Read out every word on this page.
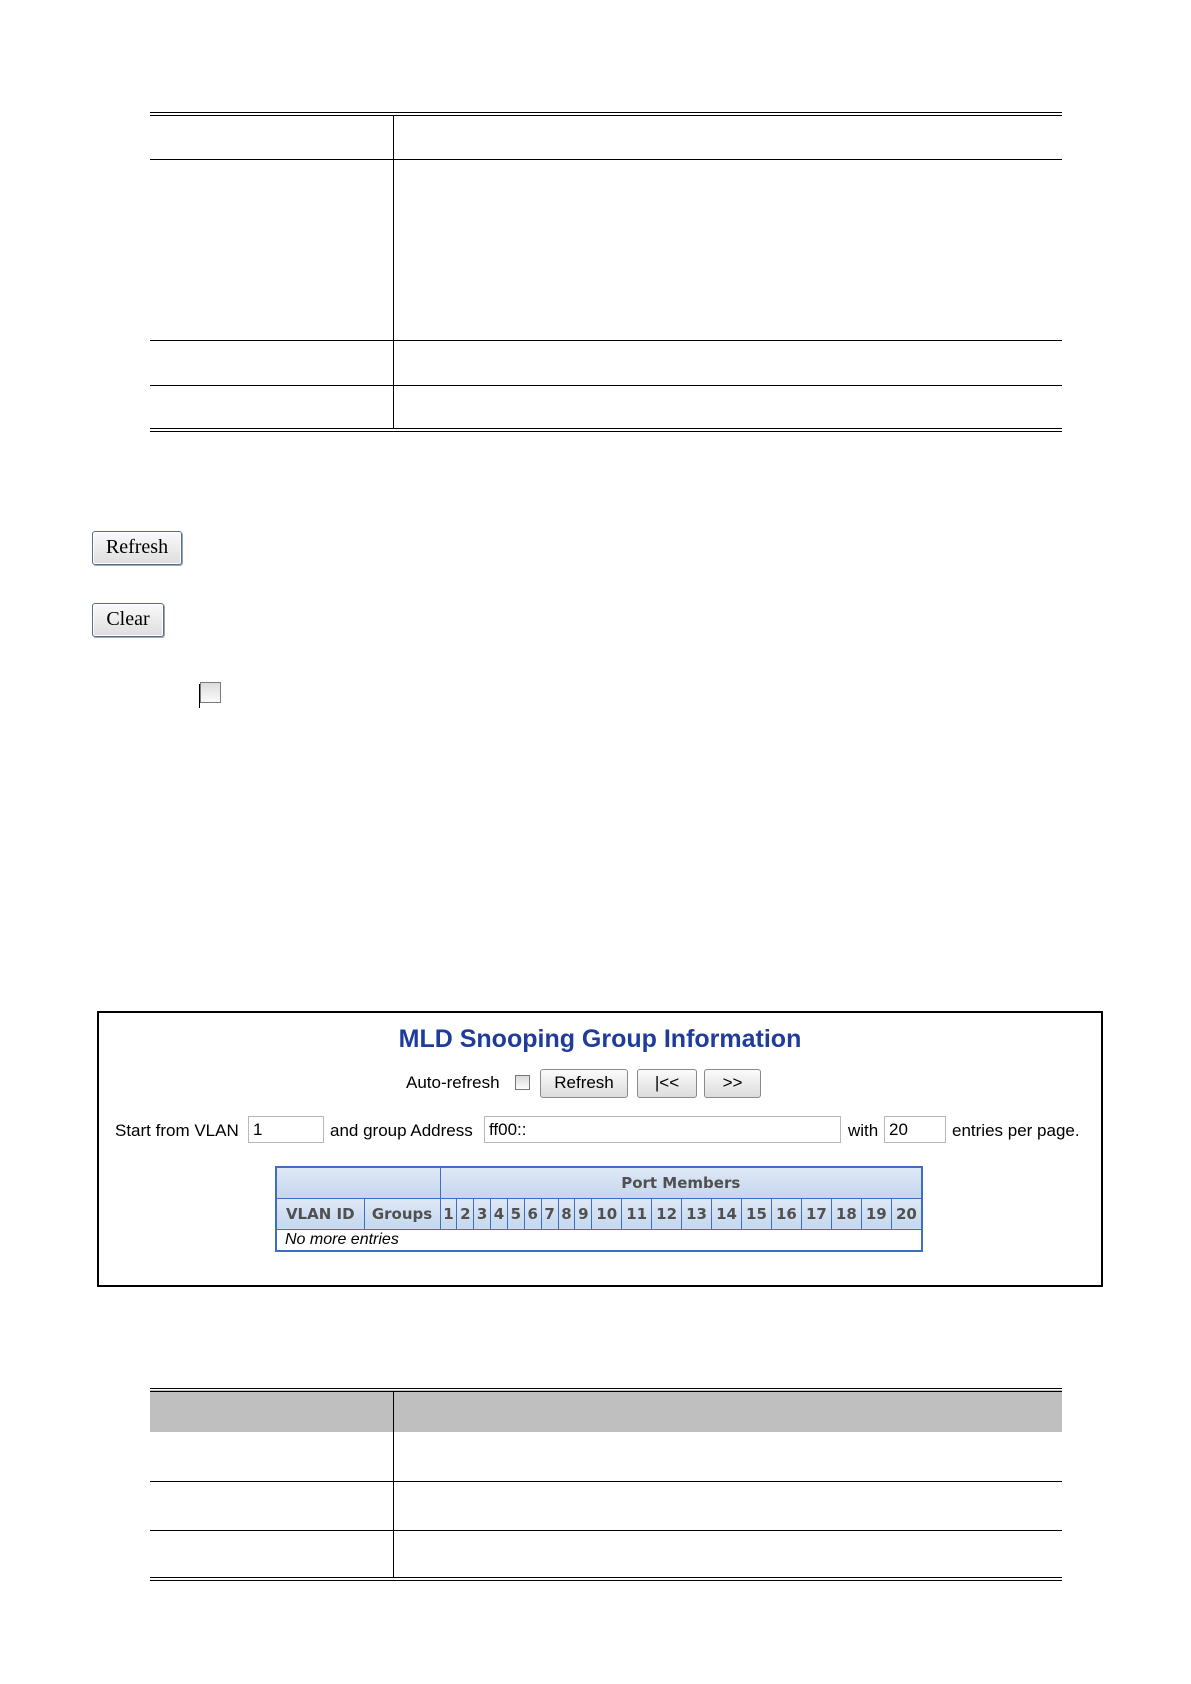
Refresh
Clear
MLD Snooping Group Information
Auto-refresh	Refresh	|<<	>>
Start from VLAN 1	and group Address ff00::	with 20	entries per page.
		Port Members																			
VLAN ID	Groups	1	2	3	4	5	6	7	8	9	10	11	12	13	14	15	16	17	18	19	20
No more entries																					
